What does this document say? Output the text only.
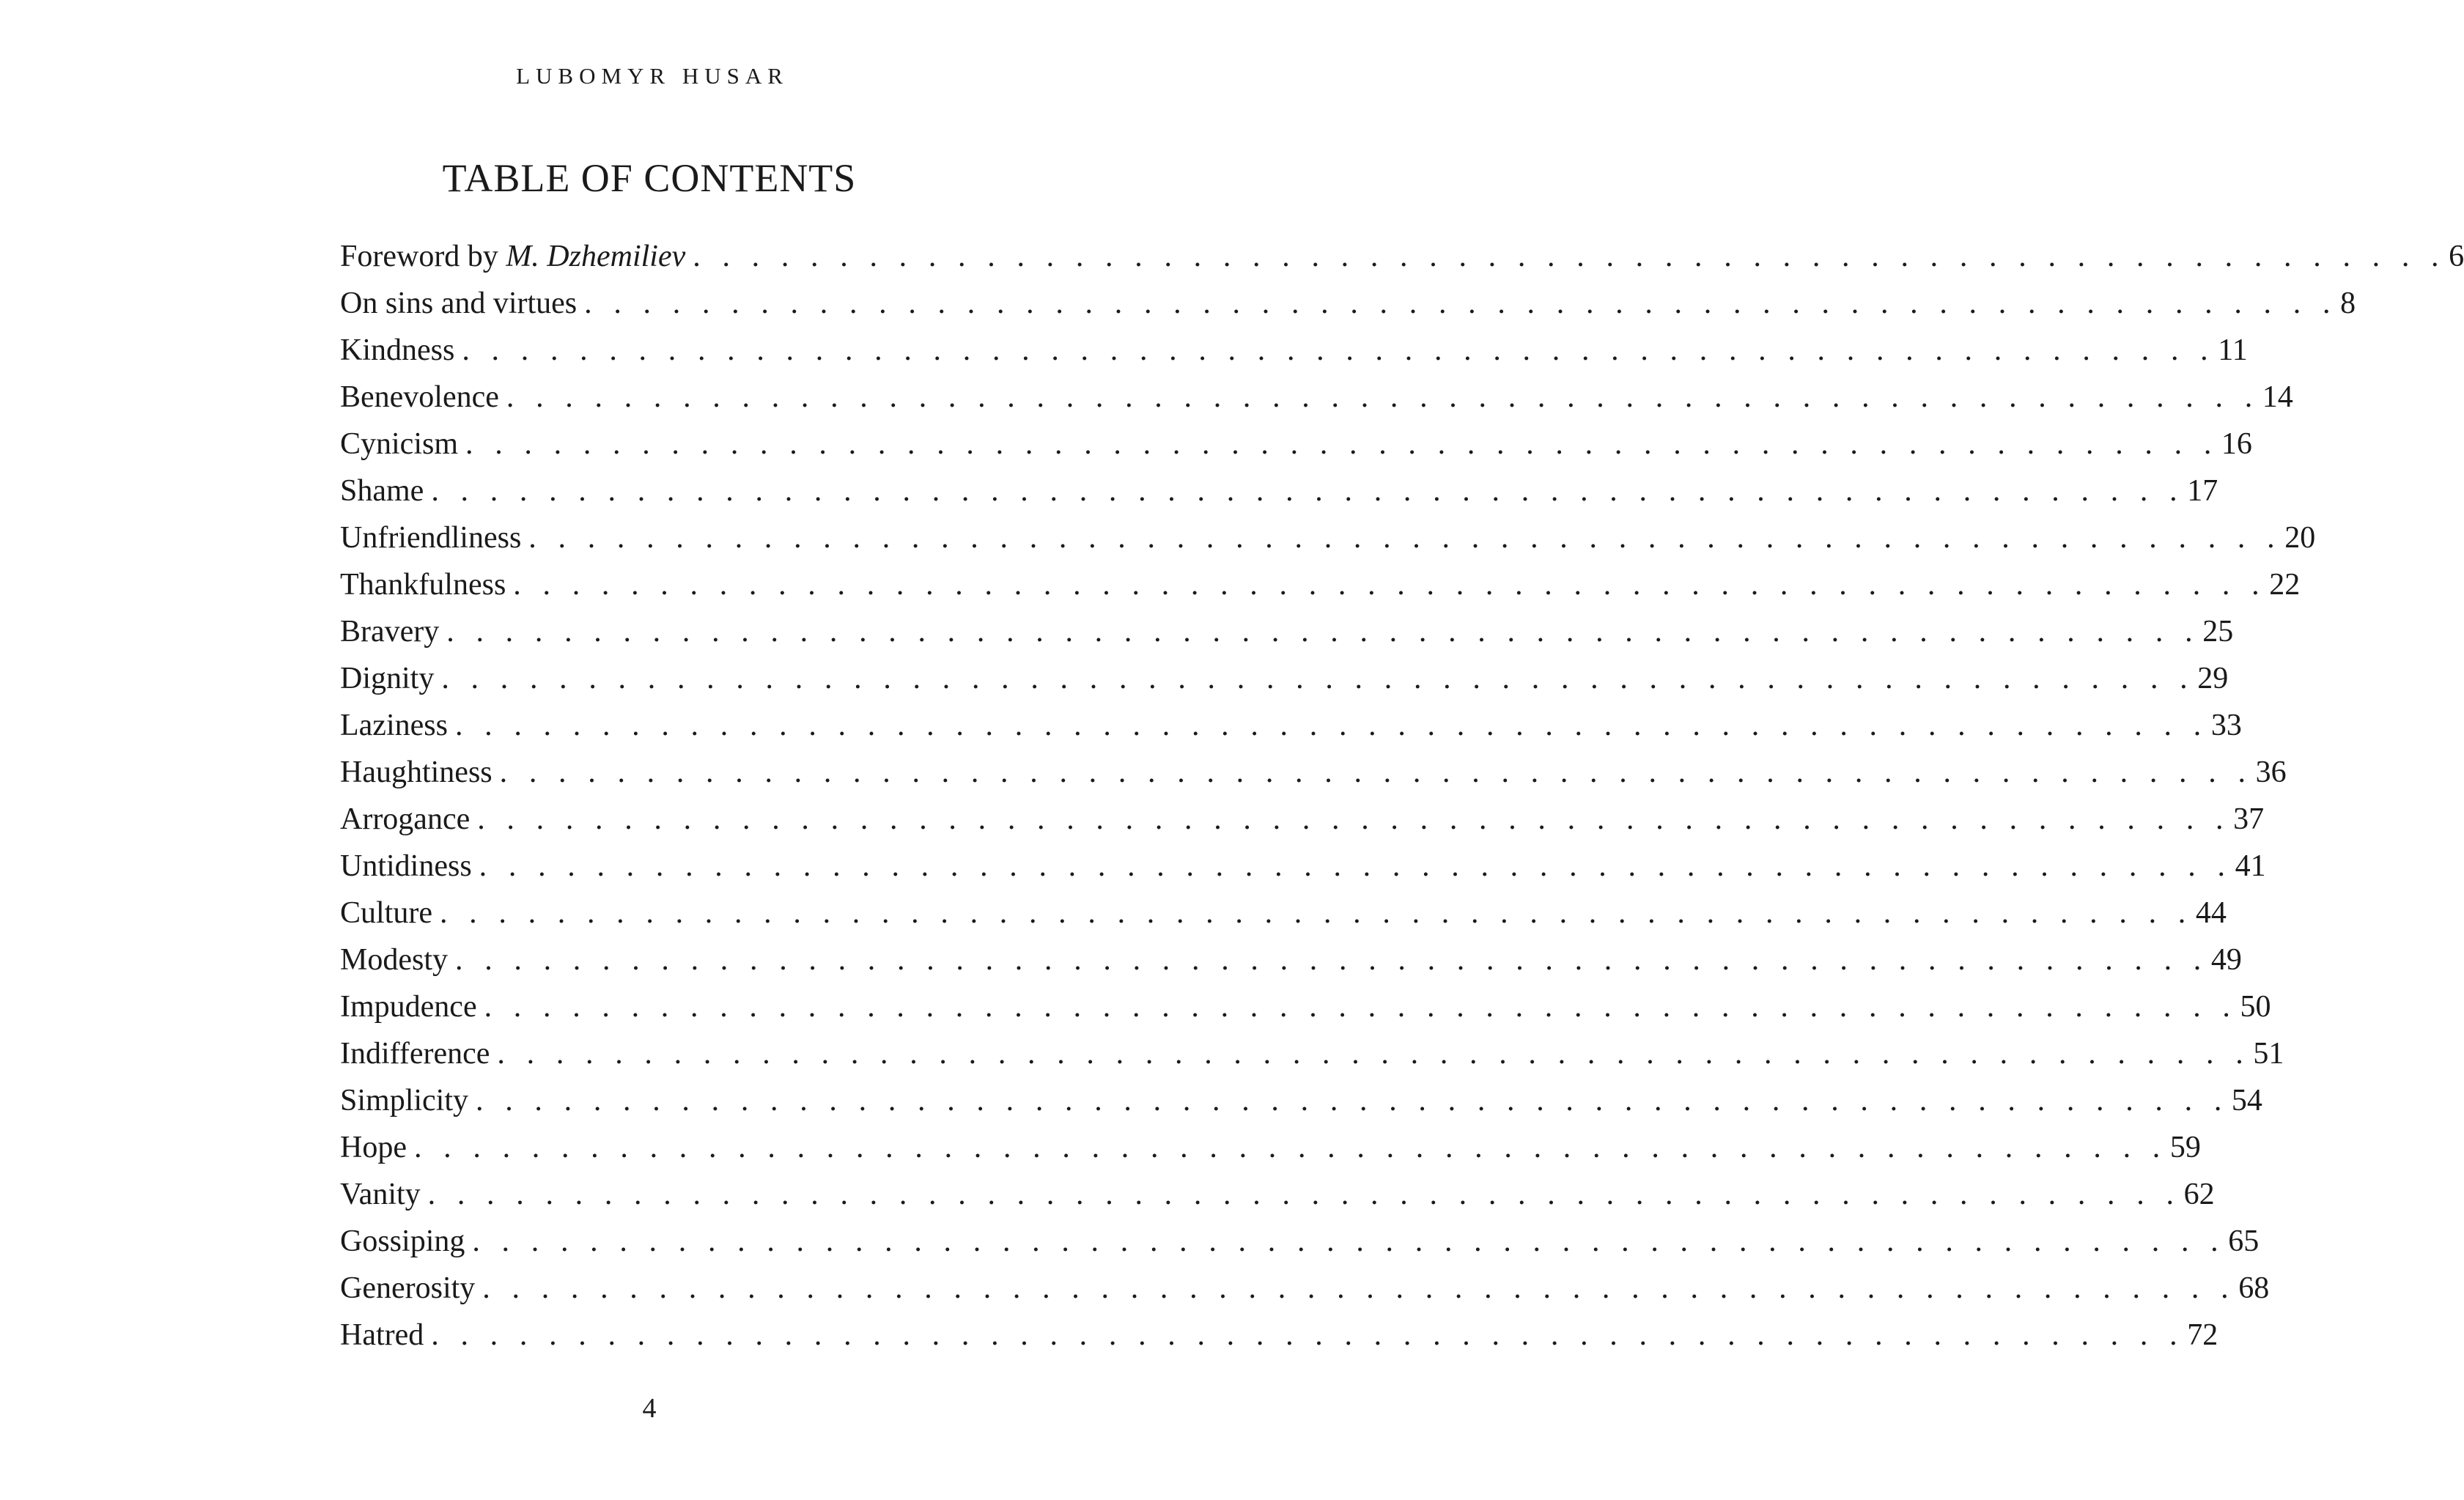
LUBOMYR HUSAR
TABLE OF CONTENTS
Foreword by M. Dzhemiliev . . . . . . . . . . . . . . . . . . . . . . . . . . . . . . . . . . . . . . . . . . . . . . . . . . . . . . . . . . . . 6
On sins and virtues . . . . . . . . . . . . . . . . . . . . . . . . . . . . . . . . . . . . . . . . . . . . . . . . . . . . . . . . . . . . 8
Kindness . . . . . . . . . . . . . . . . . . . . . . . . . . . . . . . . . . . . . . . . . . . . . . . . . . . . . . . . . . . . 11
Benevolence . . . . . . . . . . . . . . . . . . . . . . . . . . . . . . . . . . . . . . . . . . . . . . . . . . . . . . . . . . . . 14
Cynicism . . . . . . . . . . . . . . . . . . . . . . . . . . . . . . . . . . . . . . . . . . . . . . . . . . . . . . . . . . . . 16
Shame . . . . . . . . . . . . . . . . . . . . . . . . . . . . . . . . . . . . . . . . . . . . . . . . . . . . . . . . . . . . 17
Unfriendliness . . . . . . . . . . . . . . . . . . . . . . . . . . . . . . . . . . . . . . . . . . . . . . . . . . . . . . . . . . . . 20
Thankfulness . . . . . . . . . . . . . . . . . . . . . . . . . . . . . . . . . . . . . . . . . . . . . . . . . . . . . . . . . . . . 22
Bravery . . . . . . . . . . . . . . . . . . . . . . . . . . . . . . . . . . . . . . . . . . . . . . . . . . . . . . . . . . . . 25
Dignity . . . . . . . . . . . . . . . . . . . . . . . . . . . . . . . . . . . . . . . . . . . . . . . . . . . . . . . . . . . . 29
Laziness . . . . . . . . . . . . . . . . . . . . . . . . . . . . . . . . . . . . . . . . . . . . . . . . . . . . . . . . . . . . 33
Haughtiness . . . . . . . . . . . . . . . . . . . . . . . . . . . . . . . . . . . . . . . . . . . . . . . . . . . . . . . . . . . . 36
Arrogance . . . . . . . . . . . . . . . . . . . . . . . . . . . . . . . . . . . . . . . . . . . . . . . . . . . . . . . . . . . . 37
Untidiness . . . . . . . . . . . . . . . . . . . . . . . . . . . . . . . . . . . . . . . . . . . . . . . . . . . . . . . . . . . . 41
Culture . . . . . . . . . . . . . . . . . . . . . . . . . . . . . . . . . . . . . . . . . . . . . . . . . . . . . . . . . . . . 44
Modesty . . . . . . . . . . . . . . . . . . . . . . . . . . . . . . . . . . . . . . . . . . . . . . . . . . . . . . . . . . . . 49
Impudence . . . . . . . . . . . . . . . . . . . . . . . . . . . . . . . . . . . . . . . . . . . . . . . . . . . . . . . . . . . . 50
Indifference . . . . . . . . . . . . . . . . . . . . . . . . . . . . . . . . . . . . . . . . . . . . . . . . . . . . . . . . . . . . 51
Simplicity . . . . . . . . . . . . . . . . . . . . . . . . . . . . . . . . . . . . . . . . . . . . . . . . . . . . . . . . . . . . 54
Hope . . . . . . . . . . . . . . . . . . . . . . . . . . . . . . . . . . . . . . . . . . . . . . . . . . . . . . . . . . . . 59
Vanity . . . . . . . . . . . . . . . . . . . . . . . . . . . . . . . . . . . . . . . . . . . . . . . . . . . . . . . . . . . . 62
Gossiping . . . . . . . . . . . . . . . . . . . . . . . . . . . . . . . . . . . . . . . . . . . . . . . . . . . . . . . . . . . . 65
Generosity . . . . . . . . . . . . . . . . . . . . . . . . . . . . . . . . . . . . . . . . . . . . . . . . . . . . . . . . . . . . 68
Hatred . . . . . . . . . . . . . . . . . . . . . . . . . . . . . . . . . . . . . . . . . . . . . . . . . . . . . . . . . . . . 72
4
